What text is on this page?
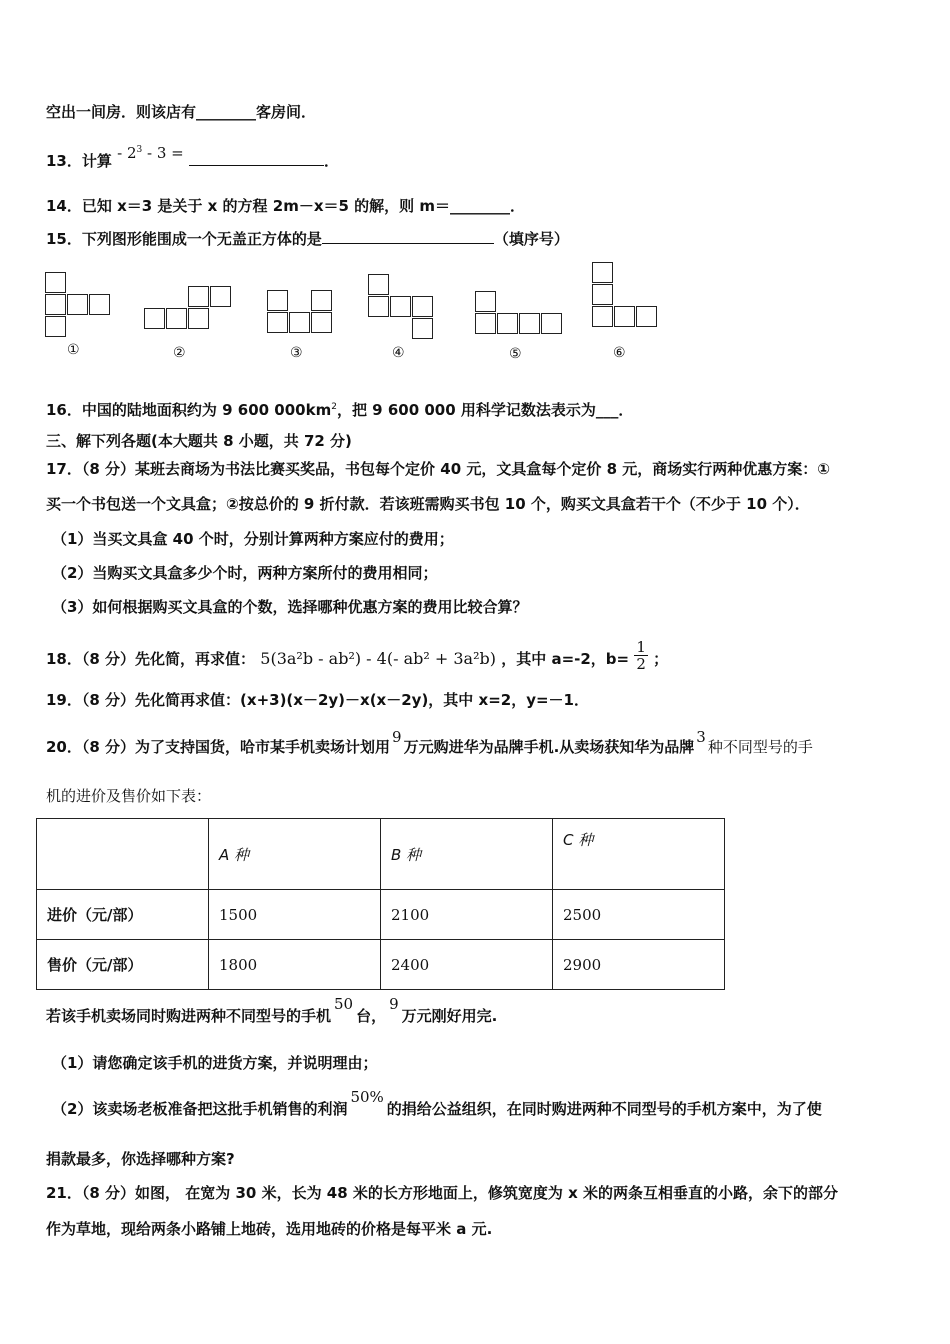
空出一间房．则该店有________客房间．
13．计算 - $2^3 - 3$ =	．
14．已知 x＝3 是关于 x 的方程 2m－x＝5 的解，则 m＝________．
15．下列图形能围成一个无盖正方体的是	（填序号）
①	②	③	④	⑤	⑥
16．中国的陆地面积约为 9 600 $000km^2$，把 9 600 000 用科学记数法表示为___．
三、解下列各题(本大题共 8 小题，共 72 分)
17．（8 分）某班去商场为书法比赛买奖品，书包每个定价 40 元，文具盒每个定价 8 元，商场实行两种优惠方案：①
买一个书包送一个文具盒；②按总价的 9 折付款．若该班需购买书包 10 个，购买文具盒若干个（不少于 10 个）．
（1）当买文具盒 40 个时，分别计算两种方案应付的费用；
（2）当购买文具盒多少个时，两种方案所付的费用相同；
（3）如何根据购买文具盒的个数，选择哪种优惠方案的费用比较合算？
18．（8 分）先化简，再求值： 5(3a²b - ab²) - 4(- ab² + 3a²b) ，其中 a=-2，$b= \frac{1}{2}$ ；
19．（8 分）先化简再求值：(x+3)(x－2y)－x(x－2y)，其中 x=2，y=－1．
20．（8 分）为了支持国货，哈市某手机卖场计划用9万元购进华为品牌手机.从卖场获知华为品牌3种不同型号的手
机的进价及售价如下表：
	A 种	B 种	C 种
进价（元/部）	1500	2100	2500
售价（元/部）	1800	2400	2900
若该手机卖场同时购进两种不同型号的手机50台，9万元刚好用完.
（1）请您确定该手机的进货方案，并说明理由；
（2）该卖场老板准备把这批手机销售的利润50%的捐给公益组织，在同时购进两种不同型号的手机方案中，为了使
捐款最多，你选择哪种方案?
21．（8 分）如图， 在宽为 30 米，长为 48 米的长方形地面上，修筑宽度为 x 米的两条互相垂直的小路，余下的部分
作为草地，现给两条小路铺上地砖，选用地砖的价格是每平米 a 元.
